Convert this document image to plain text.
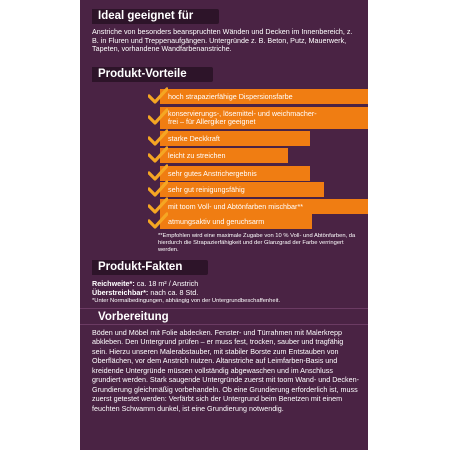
Ideal geeignet für
Anstriche von besonders beanspruchten Wänden und Decken im Innenbereich, z. B. in Fluren und Treppenaufgängen. Untergründe z. B. Beton, Putz, Mauerwerk, Tapeten, vorhandene Wandfarbenanstriche.
Produkt-Vorteile
hoch strapazierfähige Dispersionsfarbe
konservierungs-, lösemittel- und weichmacher-
frei – für Allergiker geeignet
starke Deckkraft
leicht zu streichen
sehr gutes Anstrichergebnis
sehr gut reinigungsfähig
mit toom Voll- und Abtönfarben mischbar**
atmungsaktiv und geruchsarm
**Empfohlen wird eine maximale Zugabe von 10 % Voll- und Abtönfarben, da hierdurch die Strapazierfähigkeit und der Glanzgrad der Farbe verringert werden.
Produkt-Fakten
Reichweite*: ca. 18 m² / Anstrich
Überstreichbar*: nach ca. 8 Std.
*Unter Normalbedingungen, abhängig von der Untergrundbeschaffenheit.
Vorbereitung
Böden und Möbel mit Folie abdecken. Fenster- und Türrahmen mit Malerkrepp abkleben. Den Untergrund prüfen – er muss fest, trocken, sauber und tragfähig sein. Hierzu unseren Malerabstauber, mit stabiler Borste zum Entstauben von Oberflächen, vor dem Anstrich nutzen. Altanstriche auf Leimfarben-Basis und kreidende Untergründe müssen vollständig abgewaschen und im Anschluss grundiert werden. Stark saugende Untergründe zuerst mit toom Wand- und Decken-Grundierung gleichmäßig vorbehandeln. Ob eine Grundierung erforderlich ist, muss zuerst getestet werden: Verfärbt sich der Untergrund beim Benetzen mit einem feuchten Schwamm dunkel, ist eine Grundierung notwendig.
